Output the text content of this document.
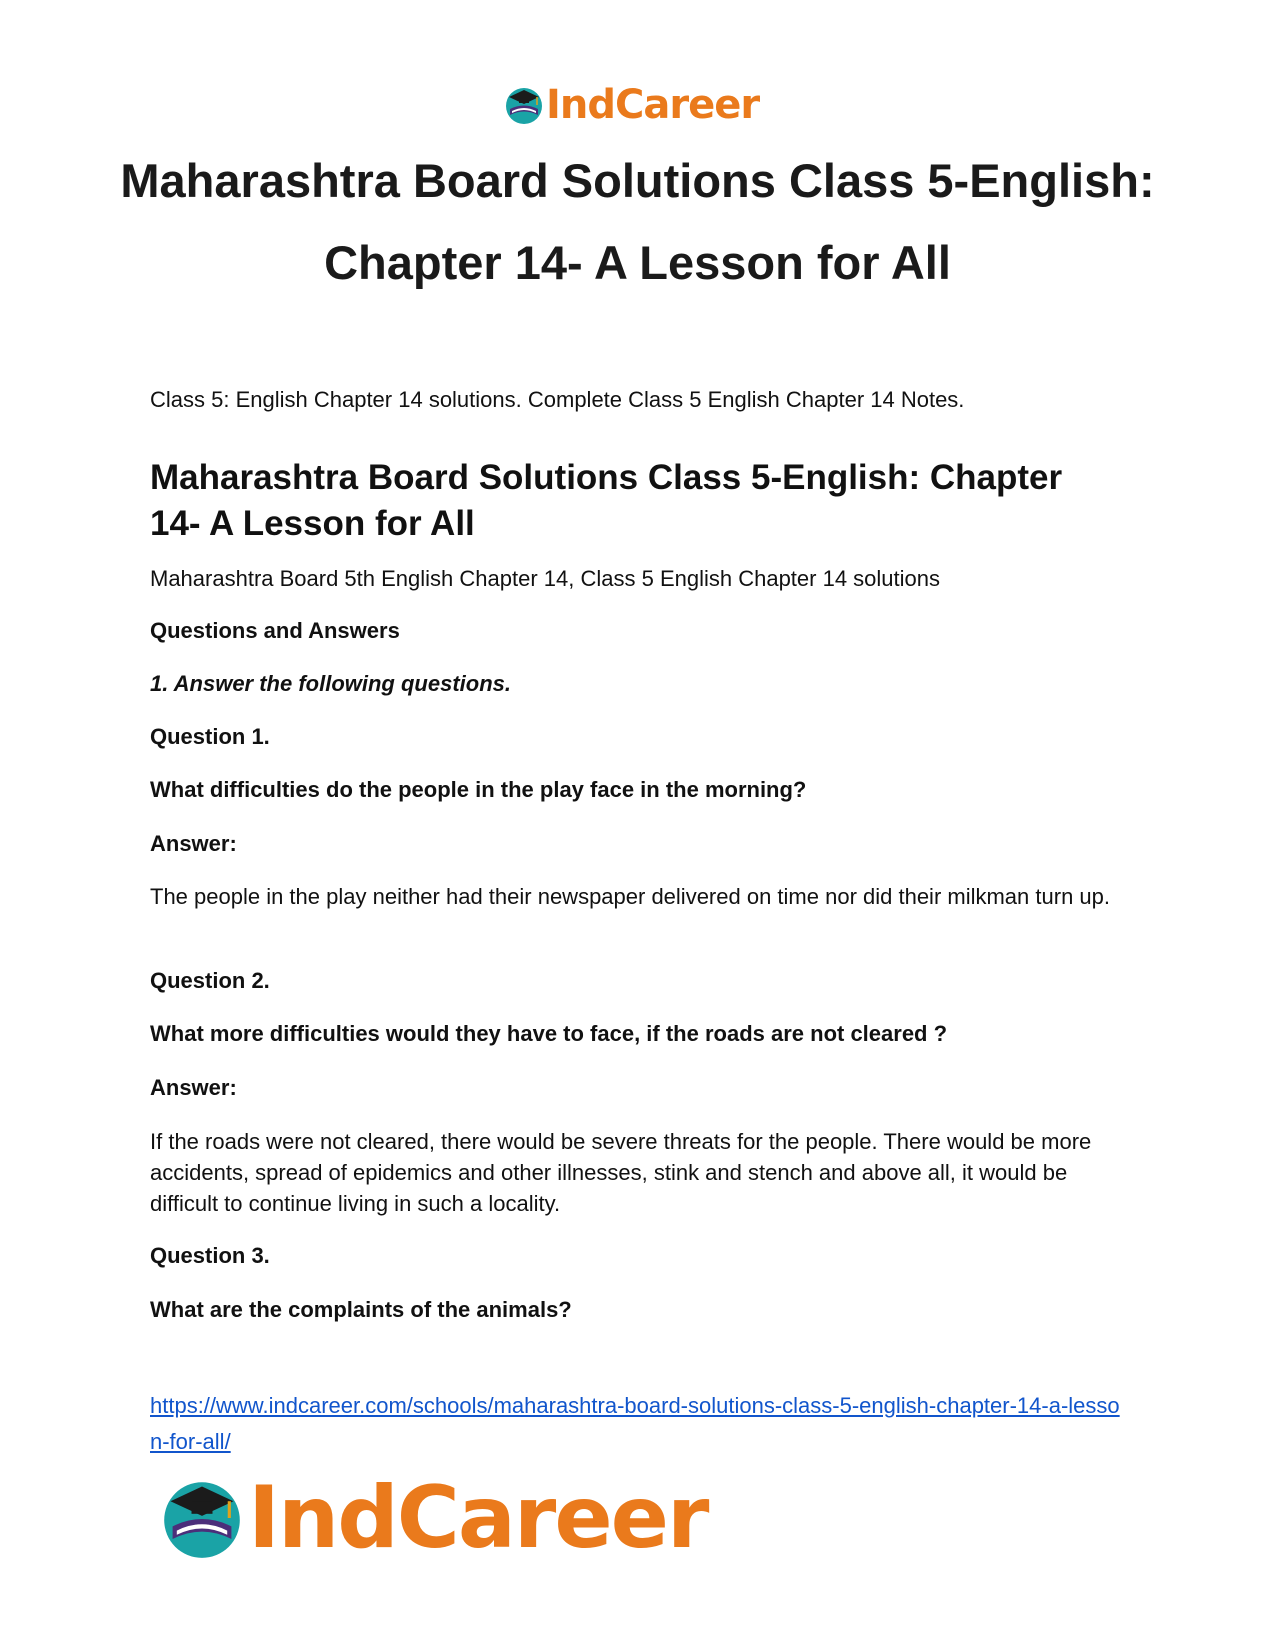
IndCareer
Maharashtra Board Solutions Class 5-English: Chapter 14- A Lesson for All

Class 5: English Chapter 14 solutions. Complete Class 5 English Chapter 14 Notes.

Maharashtra Board Solutions Class 5-English: Chapter 14- A Lesson for All

Maharashtra Board 5th English Chapter 14, Class 5 English Chapter 14 solutions

Questions and Answers

1. Answer the following questions.

Question 1.

What difficulties do the people in the play face in the morning?

Answer:

The people in the play neither had their newspaper delivered on time nor did their milkman turn up.

Question 2.

What more difficulties would they have to face, if the roads are not cleared ?

Answer:

If the roads were not cleared, there would be severe threats for the people. There would be more accidents, spread of epidemics and other illnesses, stink and stench and above all, it would be difficult to continue living in such a locality.

Question 3.

What are the complaints of the animals?

https://www.indcareer.com/schools/maharashtra-board-solutions-class-5-english-chapter-14-a-lesson-for-all/
IndCareer
